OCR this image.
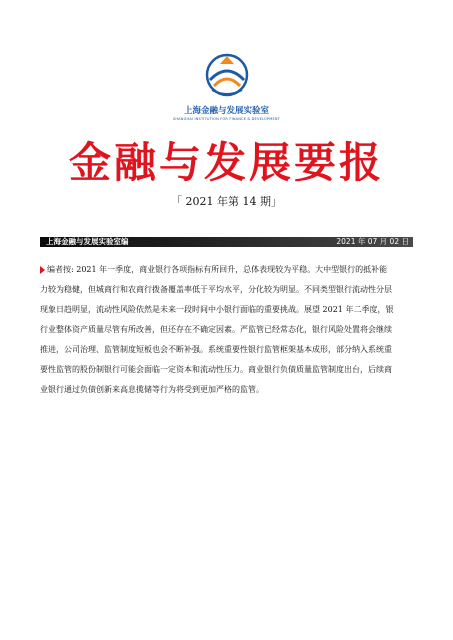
上海金融与发展实验室
SHANGHAI INSTITUTION FOR FINANCE & DEVELOPMENT
金融与发展要报
「 2021 年第 14 期」
上海金融与发展实验室编	2021 年 07 月 02 日
编者按: 2021 年一季度，商业银行各项指标有所回升，总体表现较为平稳。大中型银行的抵补能
力较为稳健，但城商行和农商行拨备覆盖率低于平均水平，分化较为明显。不同类型银行流动性分层
现象日趋明显，流动性风险依然是未来一段时间中小银行面临的重要挑战。展望 2021 年二季度，银
行业整体资产质量尽管有所改善，但还存在不确定因素。严监管已经常态化，银行风险处置将会继续
推进，公司治理、监管制度短板也会不断补强。系统重要性银行监管框架基本成形，部分纳入系统重
要性监管的股份制银行可能会面临一定资本和流动性压力。商业银行负债质量监管制度出台，后续商
业银行通过负债创新来高息揽储等行为将受到更加严格的监管。
